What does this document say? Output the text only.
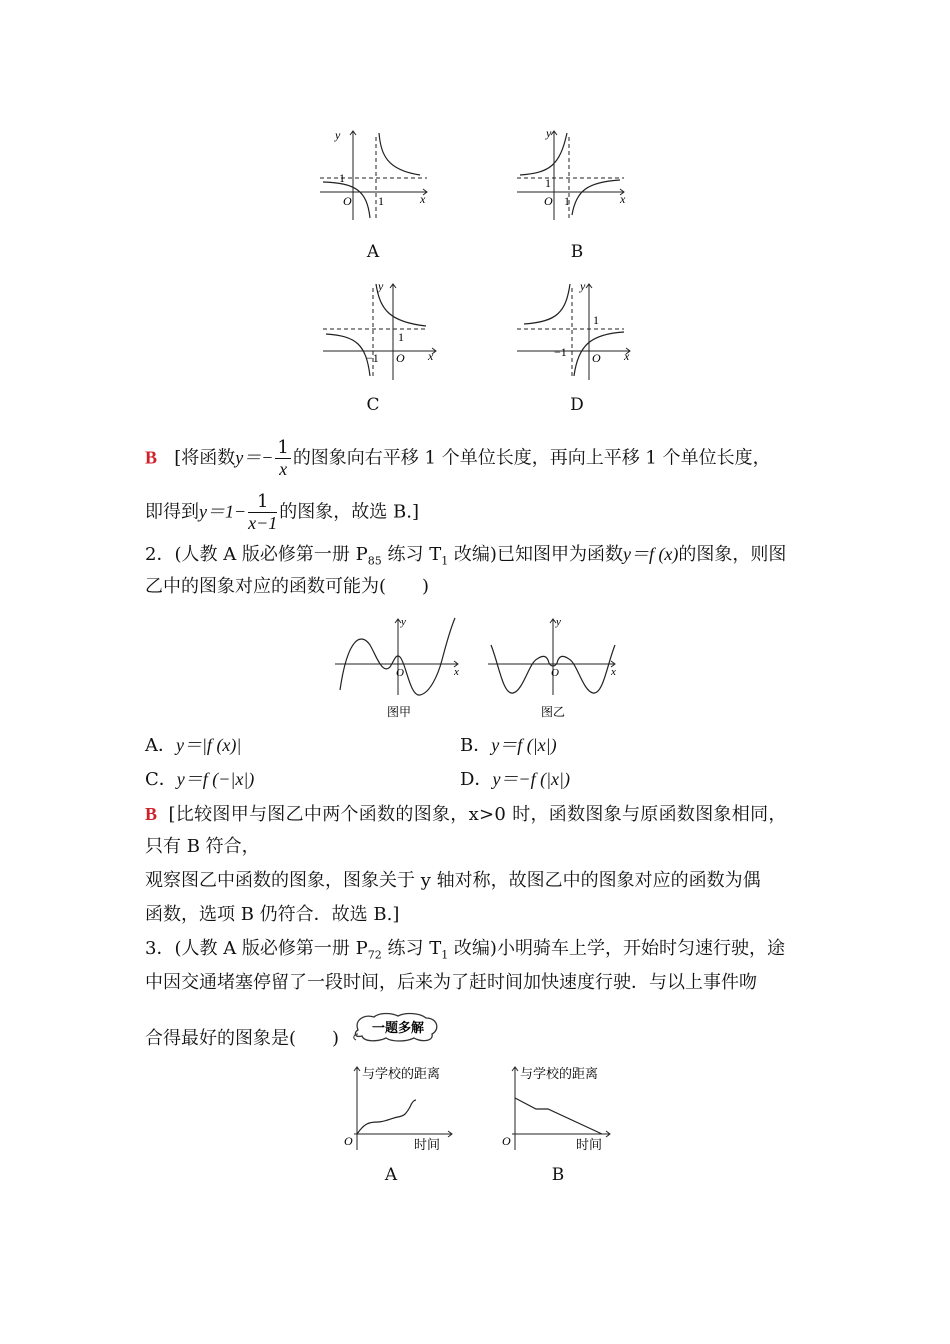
y
x
1
O 1
A
y
x
1
O 1
B
y
x
1
O
−1
C
y
x
1
O
−1
D
B [将函数$y=- \frac{1}{x}$ 的图象向右平移 1 个单位长度，再向上平移 1 个单位长度，
即得到$y=1- \frac{1}{x-1}$ 的图象，故选 B.]
2．(人教 A 版必修第一册 $P_{85}$ 练习 $T_1$ 改编)已知图甲为函数y＝f (x)的图象，则图
乙中的图象对应的函数可能为(　　)
y
x
O
图甲
y
x
O
图乙
A．y＝|f (x)|	B．y＝f (|x|)
C．y＝f (−|x|)	D．y＝−f (|x|)
B [比较图甲与图乙中两个函数的图象，x>0 时，函数图象与原函数图象相同，
只有 B 符合，
观察图乙中函数的图象，图象关于 y 轴对称，故图乙中的图象对应的函数为偶
函数，选项 B 仍符合．故选 B.]
3．(人教 A 版必修第一册 $P_{72}$ 练习 $T_1$ 改编)小明骑车上学，开始时匀速行驶，途
中因交通堵塞停留了一段时间，后来为了赶时间加快速度行驶．与以上事件吻
合得最好的图象是(　　)
一题多解
与学校的距离
时间
O
A
与学校的距离
时间
O
B
